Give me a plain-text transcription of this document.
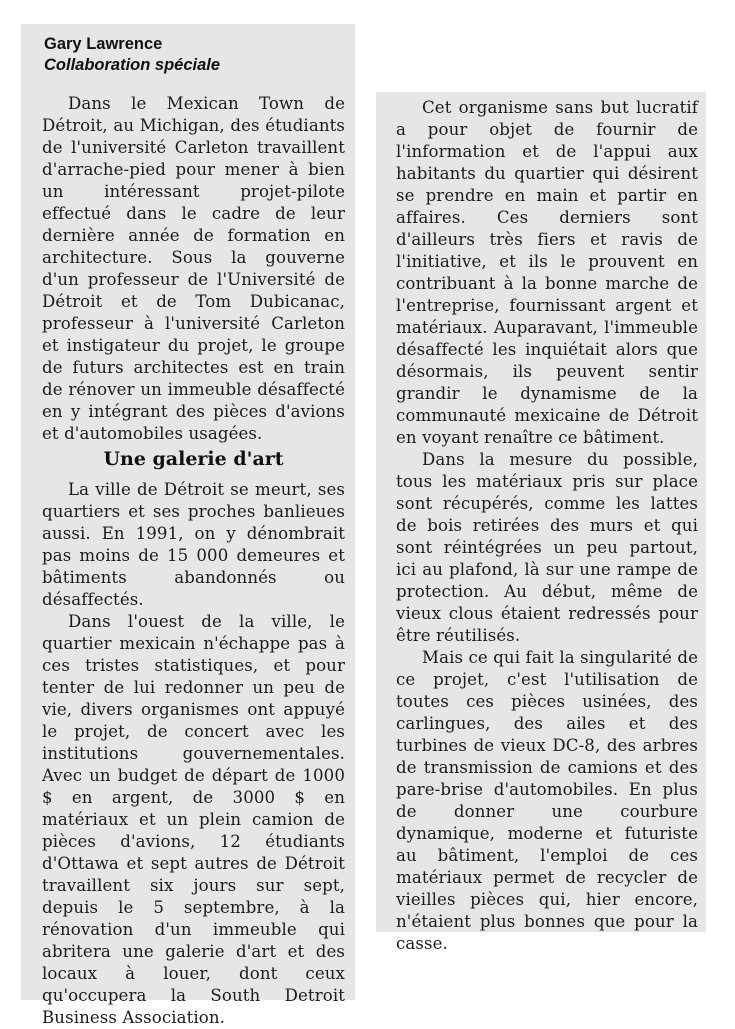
Gary Lawrence
Collaboration spéciale

Dans le Mexican Town de Détroit, au Michigan, des étudiants de l'université Carleton travaillent d'arrache-pied pour mener à bien un intéressant projet-pilote effectué dans le cadre de leur dernière année de formation en architecture. Sous la gouverne d'un professeur de l'Université de Détroit et de Tom Dubicanac, professeur à l'université Carleton et instigateur du projet, le groupe de futurs architectes est en train de rénover un immeuble désaffecté en y intégrant des pièces d'avions et d'automobiles usagées.

Une galerie d'art

La ville de Détroit se meurt, ses quartiers et ses proches banlieues aussi. En 1991, on y dénombrait pas moins de 15 000 demeures et bâtiments abandonnés ou désaffectés.

Dans l'ouest de la ville, le quartier mexicain n'échappe pas à ces tristes statistiques, et pour tenter de lui redonner un peu de vie, divers organismes ont appuyé le projet, de concert avec les institutions gouvernementales. Avec un budget de départ de 1000 $ en argent, de 3000 $ en matériaux et un plein camion de pièces d'avions, 12 étudiants d'Ottawa et sept autres de Détroit travaillent six jours sur sept, depuis le 5 septembre, à la rénovation d'un immeuble qui abritera une galerie d'art et des locaux à louer, dont ceux qu'occupera la South Detroit Business Association.

Cet organisme sans but lucratif a pour objet de fournir de l'information et de l'appui aux habitants du quartier qui désirent se prendre en main et partir en affaires. Ces derniers sont d'ailleurs très fiers et ravis de l'initiative, et ils le prouvent en contribuant à la bonne marche de l'entreprise, fournissant argent et matériaux. Auparavant, l'immeuble désaffecté les inquiétait alors que désormais, ils peuvent sentir grandir le dynamisme de la communauté mexicaine de Détroit en voyant renaître ce bâtiment.

Dans la mesure du possible, tous les matériaux pris sur place sont récupérés, comme les lattes de bois retirées des murs et qui sont réintégrées un peu partout, ici au plafond, là sur une rampe de protection. Au début, même de vieux clous étaient redressés pour être réutilisés.

Mais ce qui fait la singularité de ce projet, c'est l'utilisation de toutes ces pièces usinées, des carlingues, des ailes et des turbines de vieux DC-8, des arbres de transmission de camions et des pare-brise d'automobiles. En plus de donner une courbure dynamique, moderne et futuriste au bâtiment, l'emploi de ces matériaux permet de recycler de vieilles pièces qui, hier encore, n'étaient plus bonnes que pour la casse.
